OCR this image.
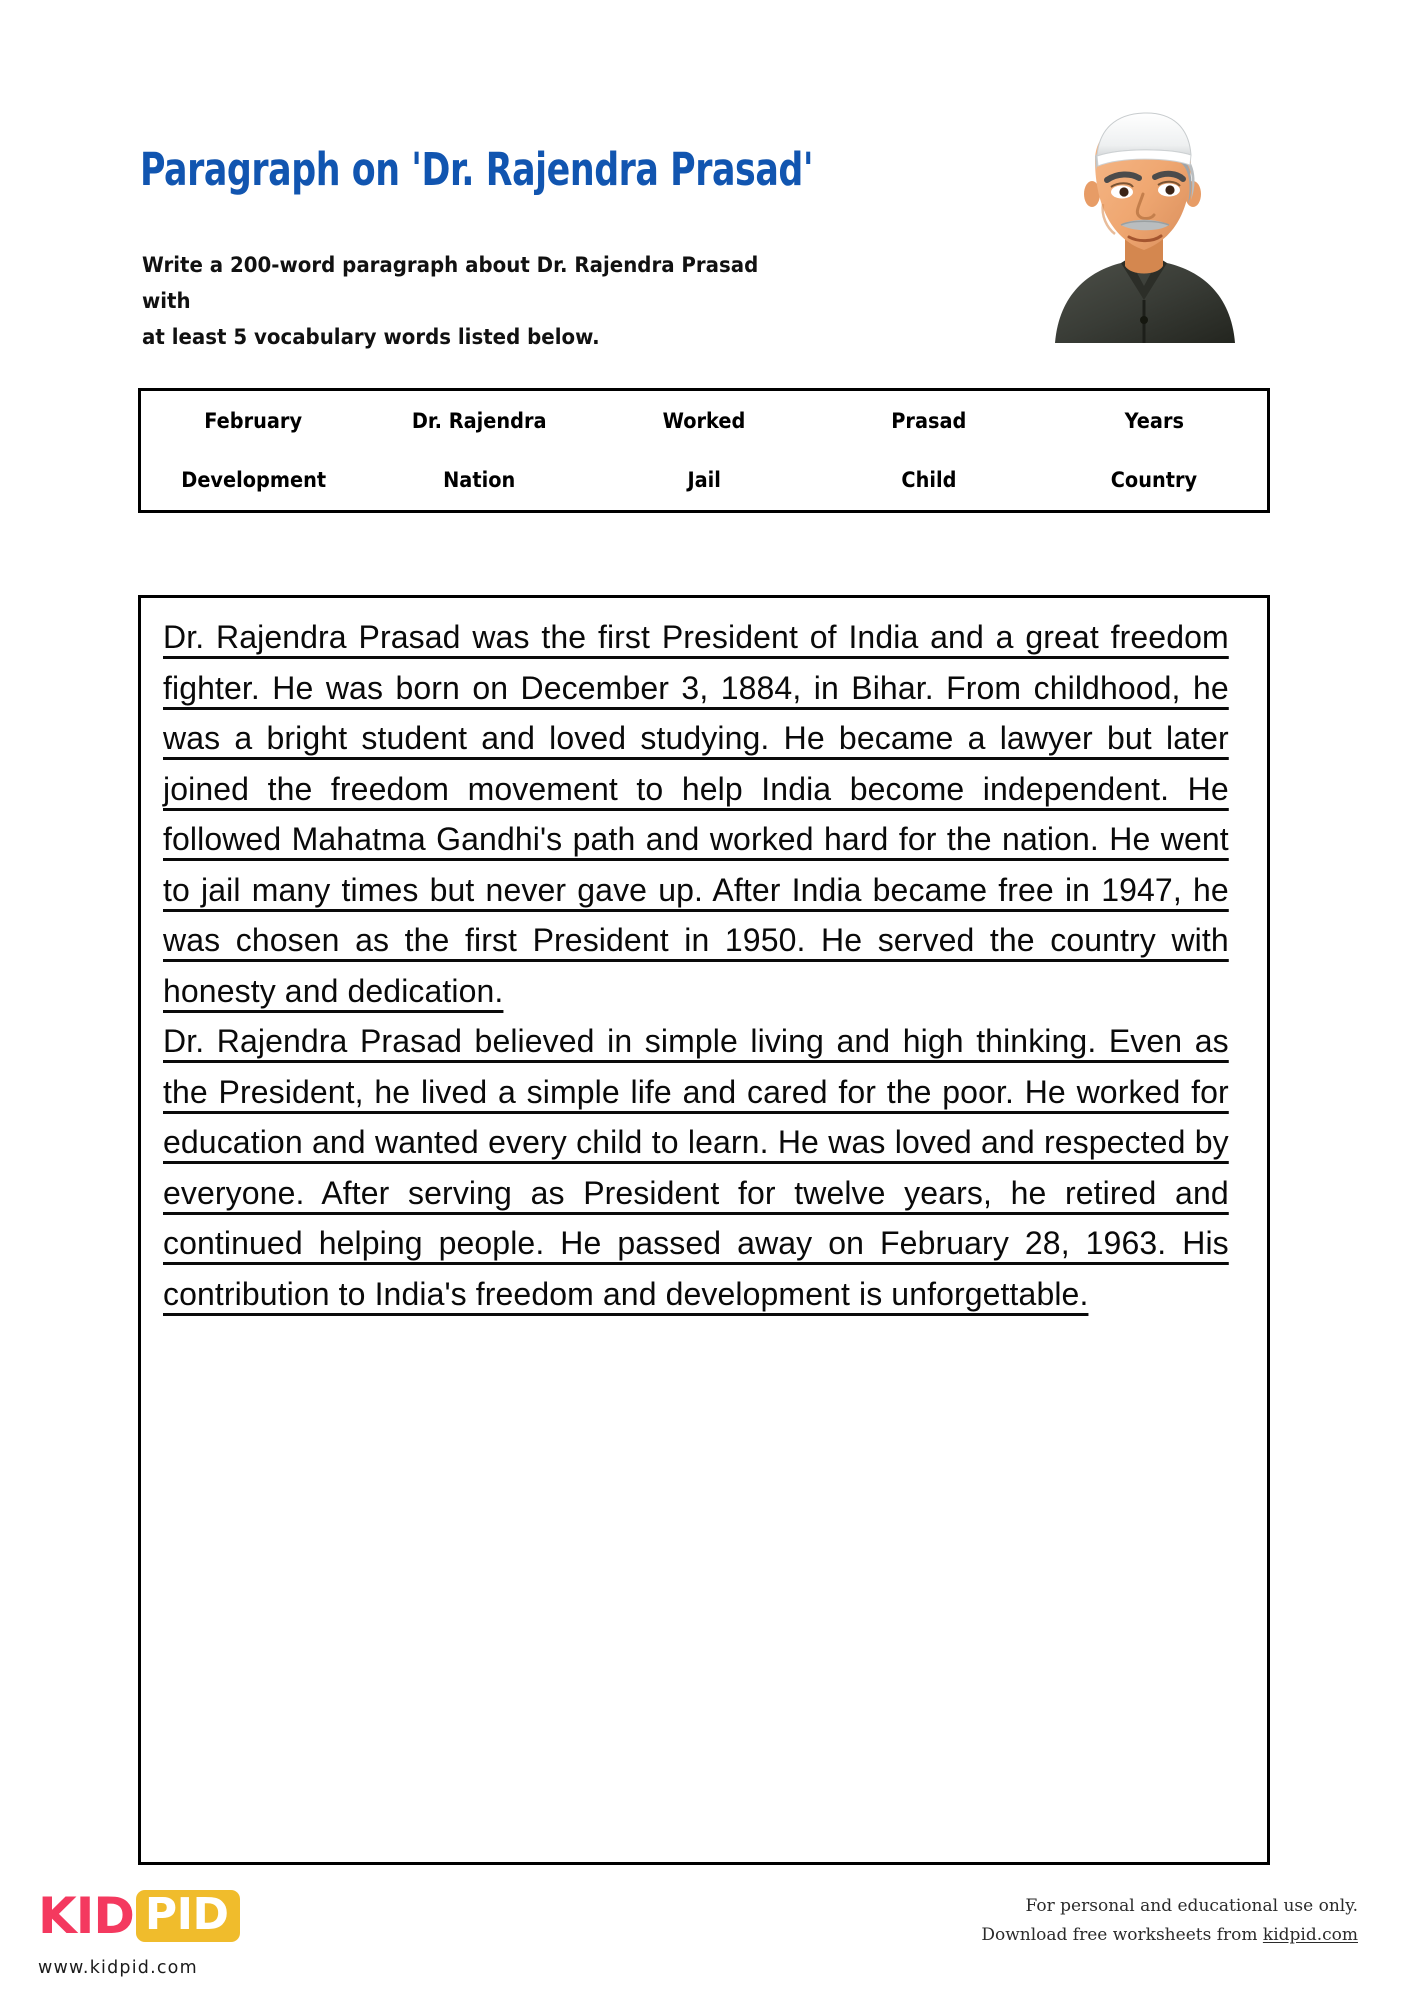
Paragraph on 'Dr. Rajendra Prasad'
Write a 200-word paragraph about Dr. Rajendra Prasad with
at least 5 vocabulary words listed below.
February	Dr. Rajendra	Worked	Prasad	Years
Development	Nation	Jail	Child	Country

Dr. Rajendra Prasad was the first President of India and a great freedom fighter. He was born on December 3, 1884, in Bihar. From childhood, he was a bright student and loved studying. He became a lawyer but later joined the freedom movement to help India become independent. He followed Mahatma Gandhi's path and worked hard for the nation. He went to jail many times but never gave up. After India became free in 1947, he was chosen as the first President in 1950. He served the country with honesty and dedication.

Dr. Rajendra Prasad believed in simple living and high thinking. Even as the President, he lived a simple life and cared for the poor. He worked for education and wanted every child to learn. He was loved and respected by everyone. After serving as President for twelve years, he retired and continued helping people. He passed away on February 28, 1963. His contribution to India's freedom and development is unforgettable.

KID PID
www.kidpid.com
For personal and educational use only.
Download free worksheets from kidpid.com
